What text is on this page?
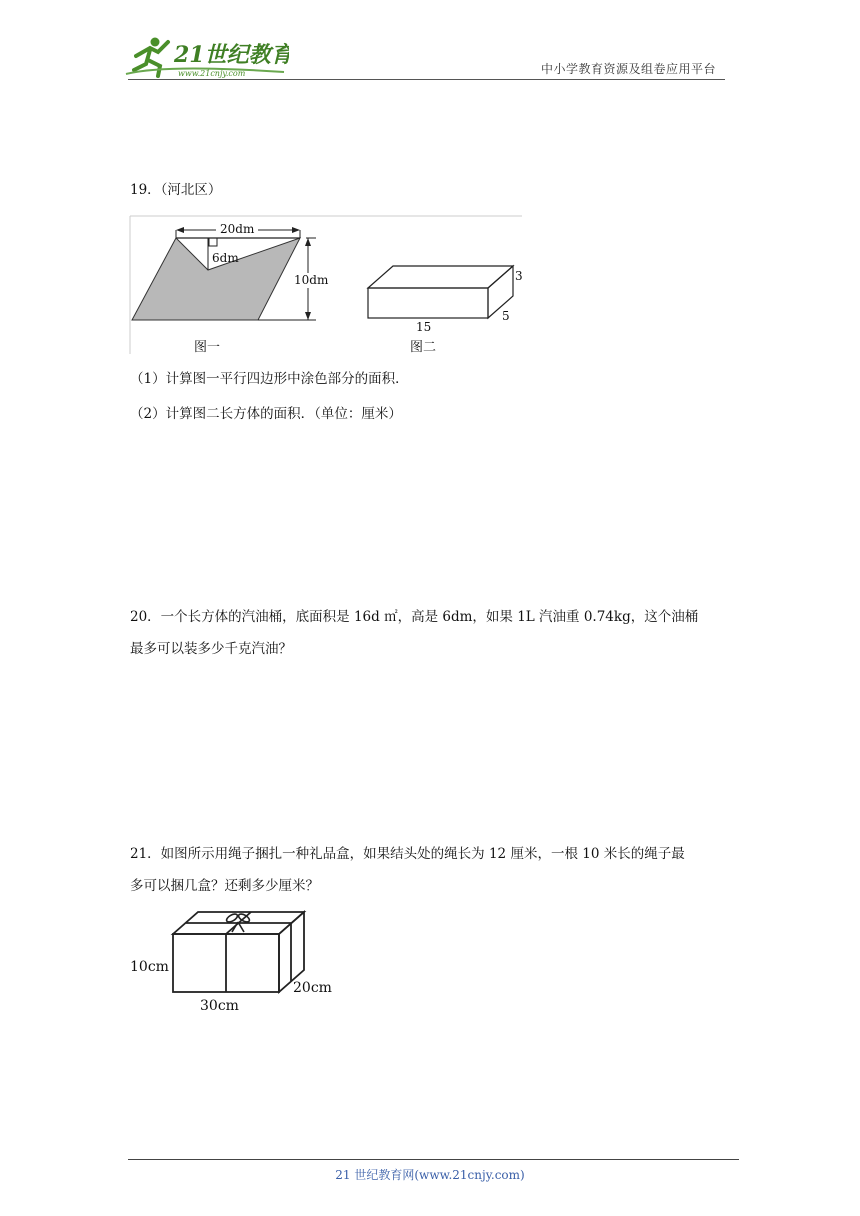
21世纪教育
www.21cnjy.com	中小学教育资源及组卷应用平台
19．（河北区）
20dm
6dm
10dm
图一
15
3
5
图二
（1）计算图一平行四边形中涂色部分的面积．
（2）计算图二长方体的面积．（单位：厘米）
20．一个长方体的汽油桶，底面积是 16d ㎡，高是 6dm，如果 1L 汽油重 0.74kg，这个油桶
最多可以装多少千克汽油？
21．如图所示用绳子捆扎一种礼品盒，如果结头处的绳长为 12 厘米，一根 10 米长的绳子最
多可以捆几盒？还剩多少厘米？
10cm
30cm
20cm
21 世纪教育网(www.21cnjy.com)
